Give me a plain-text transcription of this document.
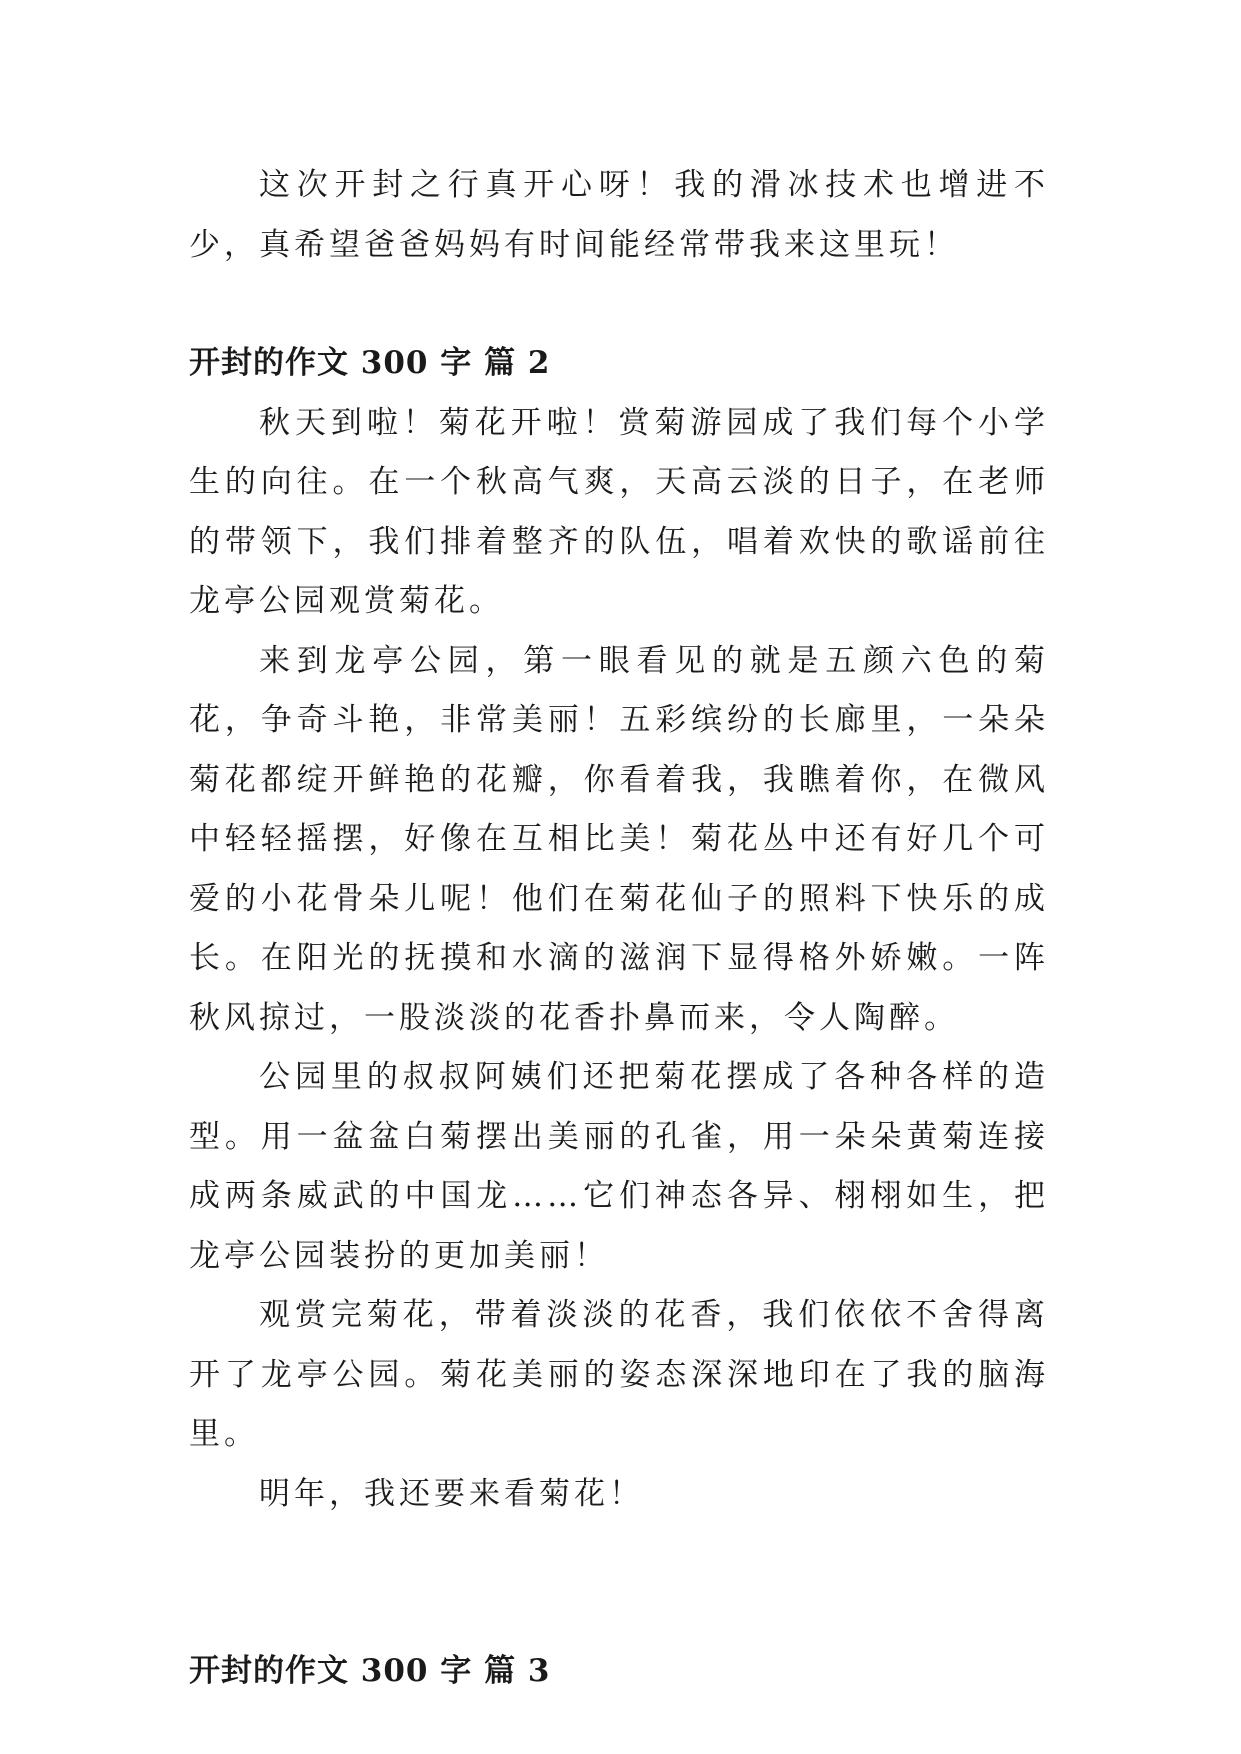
这次开封之行真开心呀！我的滑冰技术也增进不少，真希望爸爸妈妈有时间能经常带我来这里玩！

开封的作文 300 字 篇 2

秋天到啦！菊花开啦！赏菊游园成了我们每个小学生的向往。在一个秋高气爽，天高云淡的日子，在老师的带领下，我们排着整齐的队伍，唱着欢快的歌谣前往龙亭公园观赏菊花。

来到龙亭公园，第一眼看见的就是五颜六色的菊花，争奇斗艳，非常美丽！五彩缤纷的长廊里，一朵朵菊花都绽开鲜艳的花瓣，你看着我，我瞧着你，在微风中轻轻摇摆，好像在互相比美！菊花丛中还有好几个可爱的小花骨朵儿呢！他们在菊花仙子的照料下快乐的成长。在阳光的抚摸和水滴的滋润下显得格外娇嫩。一阵秋风掠过，一股淡淡的花香扑鼻而来，令人陶醉。

公园里的叔叔阿姨们还把菊花摆成了各种各样的造型。用一盆盆白菊摆出美丽的孔雀，用一朵朵黄菊连接成两条威武的中国龙……它们神态各异、栩栩如生，把龙亭公园装扮的更加美丽！

观赏完菊花，带着淡淡的花香，我们依依不舍得离开了龙亭公园。菊花美丽的姿态深深地印在了我的脑海里。

明年，我还要来看菊花！

开封的作文 300 字 篇 3
